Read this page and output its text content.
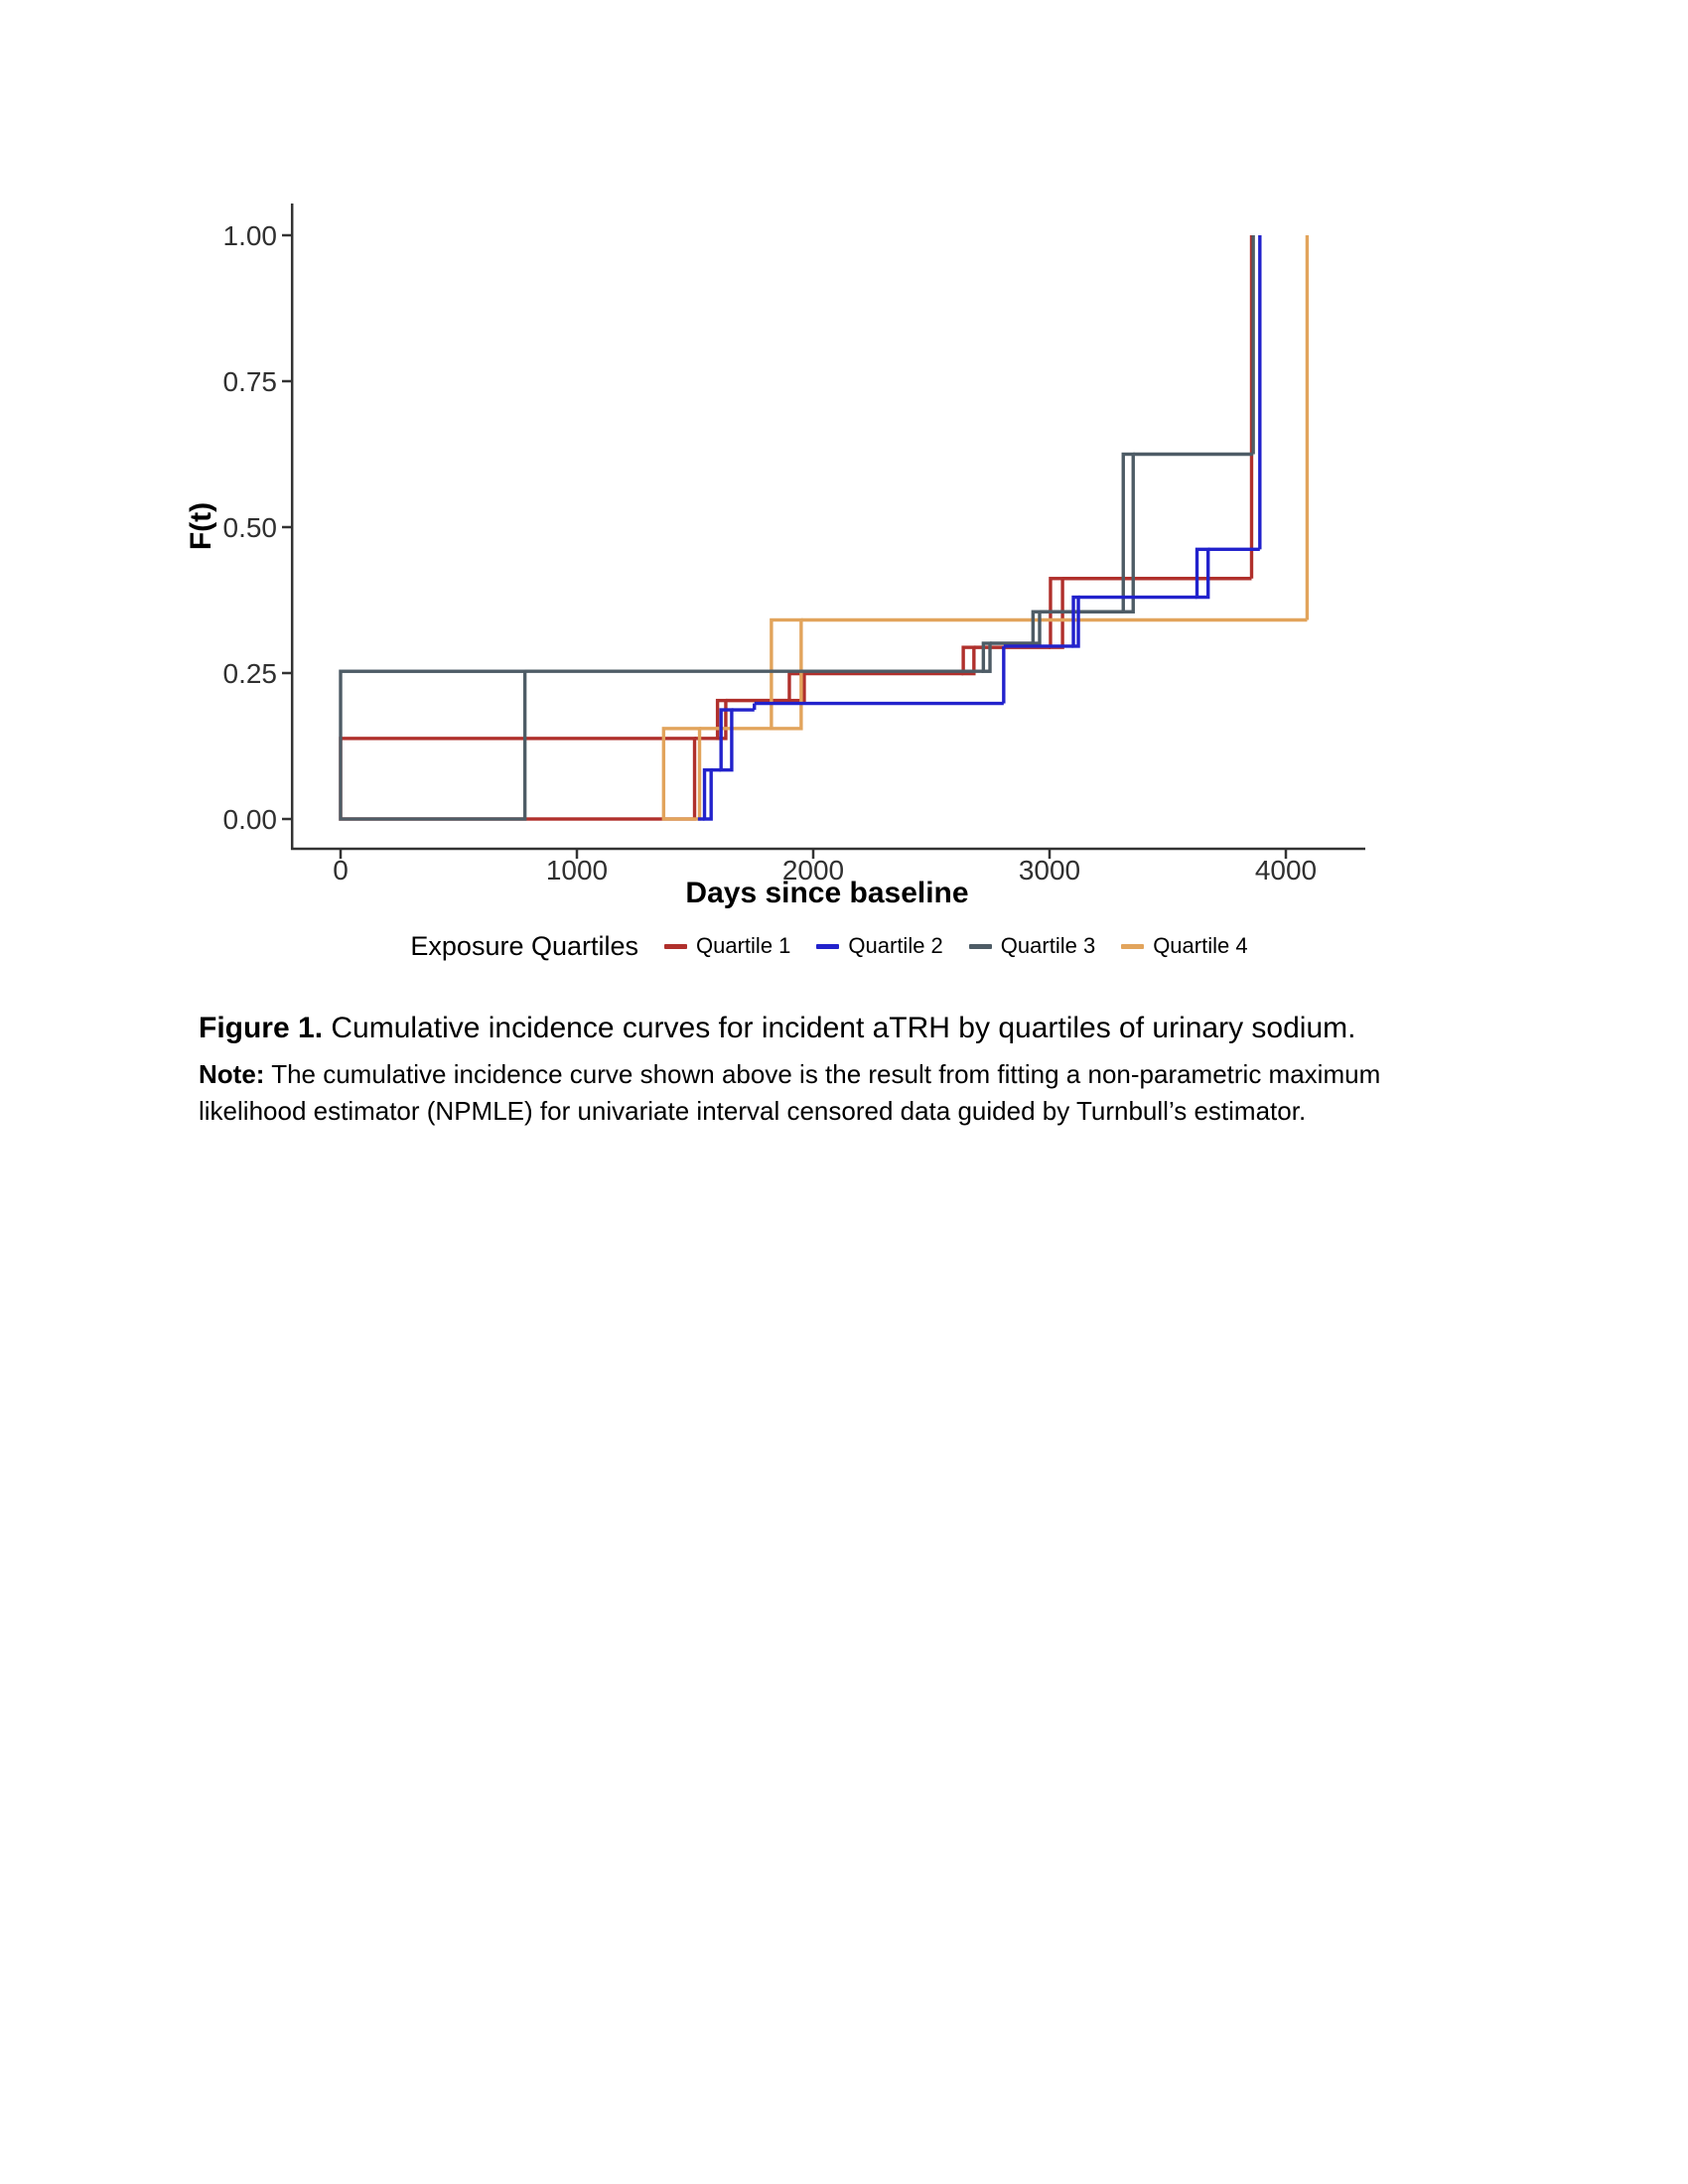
0.00
0.25
0.50
0.75
1.00
0	1000	2000	3000	4000
Days since baseline
F(t)
Exposure Quartiles	Quartile 1	Quartile 2	Quartile 3	Quartile 4

Figure 1. Cumulative incidence curves for incident aTRH by quartiles of urinary sodium.

Note: The cumulative incidence curve shown above is the result from fitting a non-parametric maximum likelihood estimator (NPMLE) for univariate interval censored data guided by Turnbull’s estimator.
